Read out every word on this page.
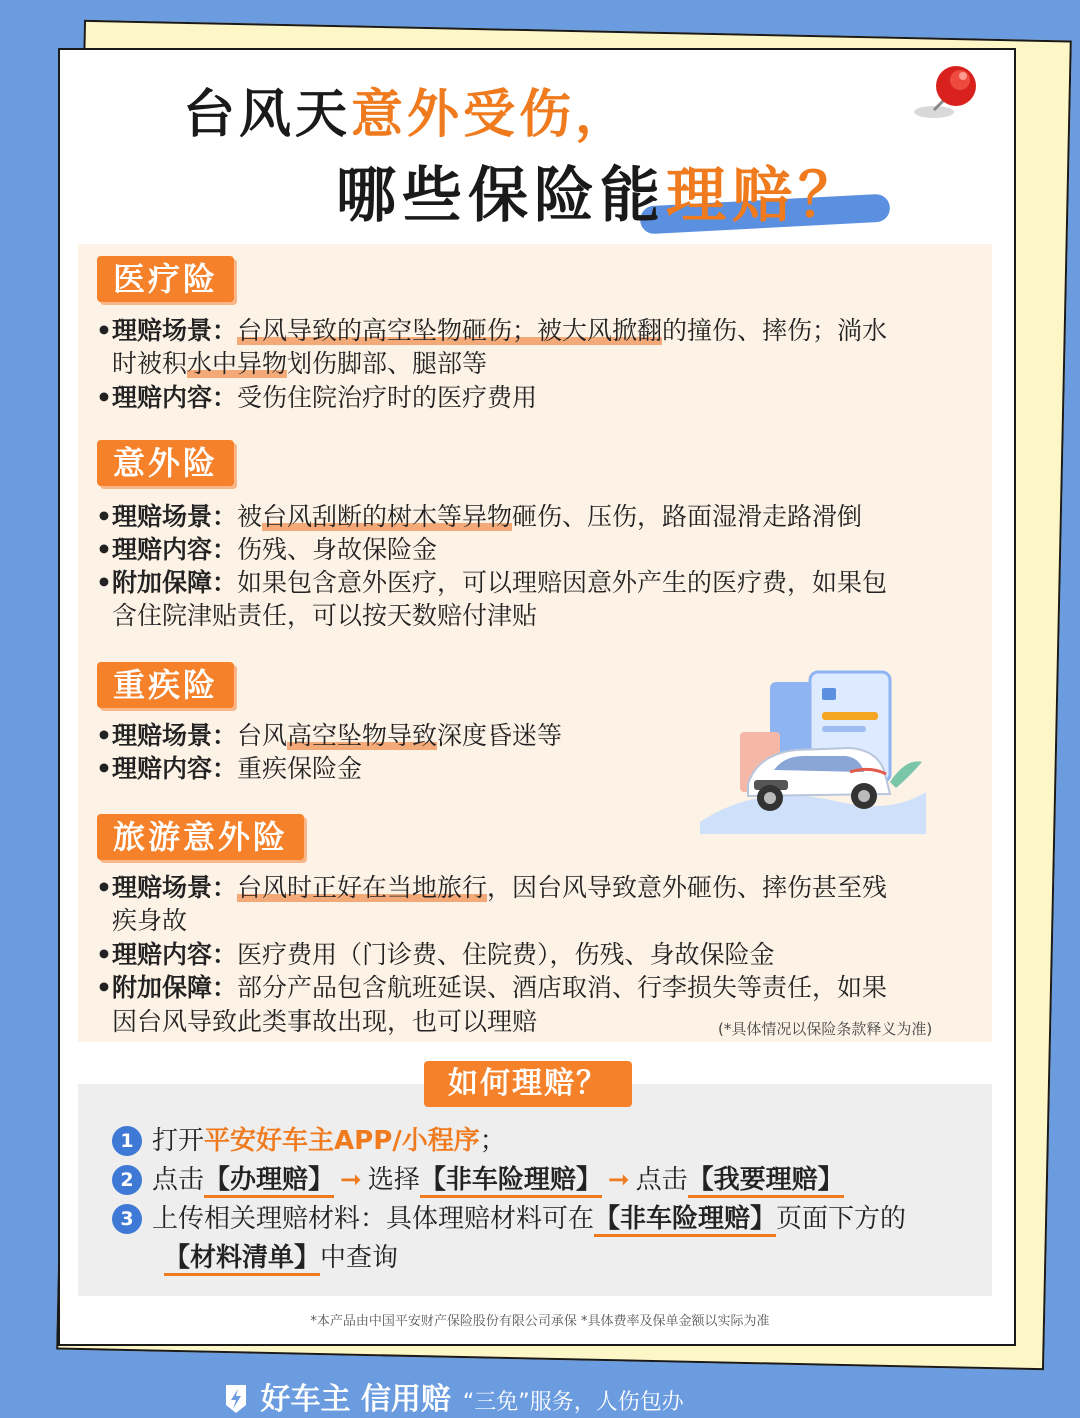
台风天意外受伤，
哪些保险能理赔？
医疗险
•理赔场景：台风导致的高空坠物砸伤；被大风掀翻的撞伤、摔伤；淌水
时被积水中异物划伤脚部、腿部等
•理赔内容：受伤住院治疗时的医疗费用
意外险
•理赔场景：被台风刮断的树木等异物砸伤、压伤，路面湿滑走路滑倒
•理赔内容：伤残、身故保险金
•附加保障：如果包含意外医疗，可以理赔因意外产生的医疗费，如果包
含住院津贴责任，可以按天数赔付津贴
重疾险
•理赔场景：台风高空坠物导致深度昏迷等
•理赔内容：重疾保险金
旅游意外险
•理赔场景：台风时正好在当地旅行，因台风导致意外砸伤、摔伤甚至残
疾身故
•理赔内容：医疗费用（门诊费、住院费），伤残、身故保险金
•附加保障：部分产品包含航班延误、酒店取消、行李损失等责任，如果
因台风导致此类事故出现，也可以理赔	(*具体情况以保险条款释义为准)
如何理赔？
1 打开平安好车主APP/小程序；
2 点击【办理赔】 ➞ 选择【非车险理赔】 ➞ 点击【我要理赔】
3 上传相关理赔材料：具体理赔材料可在【非车险理赔】页面下方的
【材料清单】中查询
*本产品由中国平安财产保险股份有限公司承保 *具体费率及保单金额以实际为准
好车主 信用赔 “三免”服务，人伤包办
